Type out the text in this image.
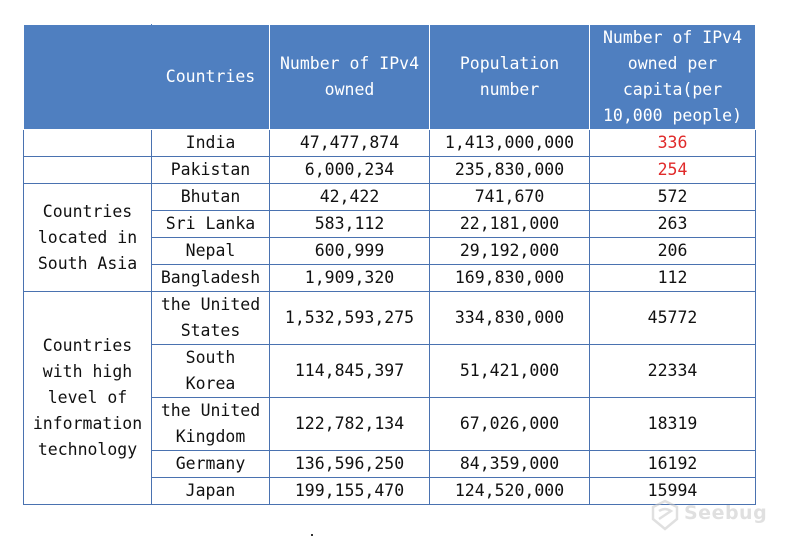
	Countries	Number of IPv4 owned	Population number	Number of IPv4 owned per capita(per 10,000 people)
	India	47,477,874	1,413,000,000	336
	Pakistan	6,000,234	235,830,000	254
Countries located in South Asia	Bhutan	42,422	741,670	572
	Sri Lanka	583,112	22,181,000	263
	Nepal	600,999	29,192,000	206
	Bangladesh	1,909,320	169,830,000	112
Countries with high level of information technology	the United States	1,532,593,275	334,830,000	45772
	South Korea	114,845,397	51,421,000	22334
	the United Kingdom	122,782,134	67,026,000	18319
	Germany	136,596,250	84,359,000	16192
	Japan	199,155,470	124,520,000	15994
Seebug
